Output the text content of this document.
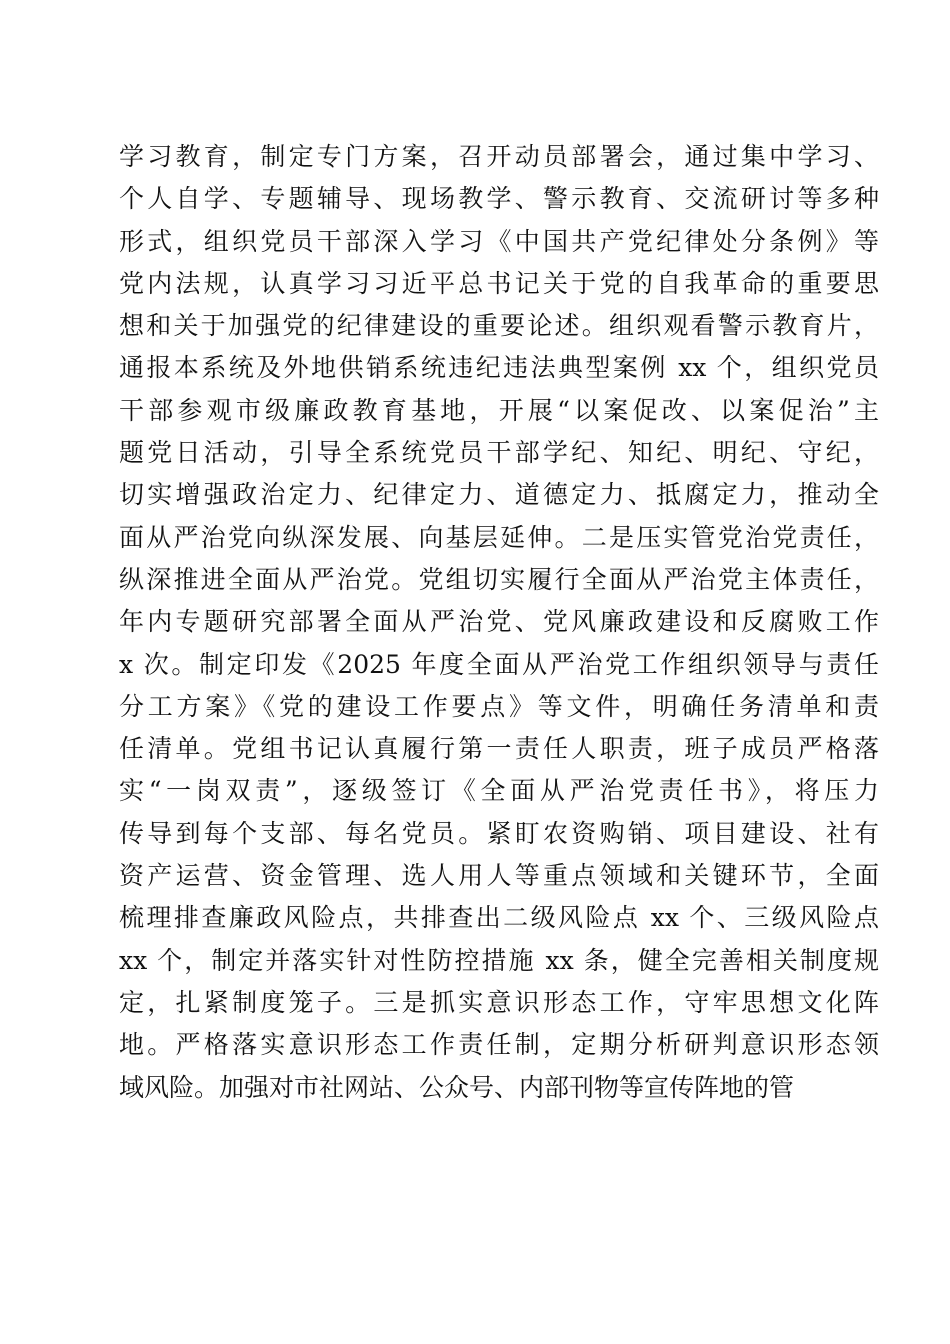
学习教育，制定专门方案，召开动员部署会，通过集中学习、
个人自学、专题辅导、现场教学、警示教育、交流研讨等多种
形式，组织党员干部深入学习《中国共产党纪律处分条例》等
党内法规，认真学习习近平总书记关于党的自我革命的重要思
想和关于加强党的纪律建设的重要论述。组织观看警示教育片，
通报本系统及外地供销系统违纪违法典型案例 xx 个，组织党员
干部参观市级廉政教育基地，开展“以案促改、以案促治”主
题党日活动，引导全系统党员干部学纪、知纪、明纪、守纪，
切实增强政治定力、纪律定力、道德定力、抵腐定力，推动全
面从严治党向纵深发展、向基层延伸。二是压实管党治党责任，
纵深推进全面从严治党。党组切实履行全面从严治党主体责任，
年内专题研究部署全面从严治党、党风廉政建设和反腐败工作
x 次。制定印发《2025 年度全面从严治党工作组织领导与责任
分工方案》《党的建设工作要点》等文件，明确任务清单和责
任清单。党组书记认真履行第一责任人职责，班子成员严格落
实“一岗双责”，逐级签订《全面从严治党责任书》，将压力
传导到每个支部、每名党员。紧盯农资购销、项目建设、社有
资产运营、资金管理、选人用人等重点领域和关键环节，全面
梳理排查廉政风险点，共排查出二级风险点 xx 个、三级风险点
xx 个，制定并落实针对性防控措施 xx 条，健全完善相关制度规
定，扎紧制度笼子。三是抓实意识形态工作，守牢思想文化阵
地。严格落实意识形态工作责任制，定期分析研判意识形态领
域风险。加强对市社网站、公众号、内部刊物等宣传阵地的管
